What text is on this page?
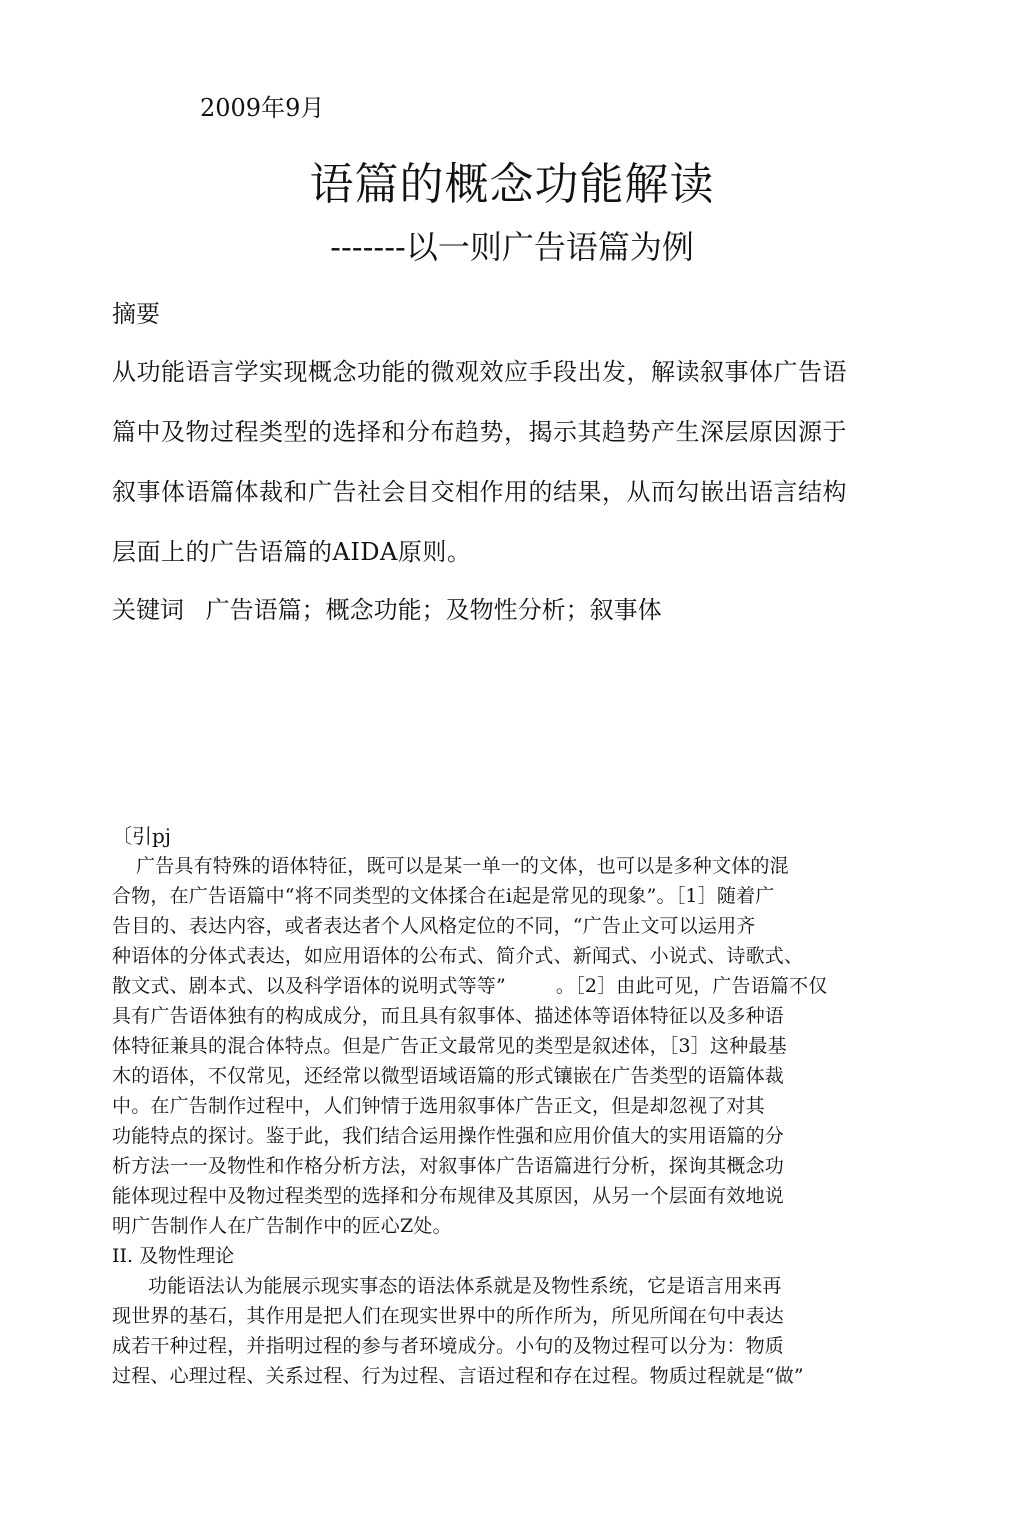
2009年9月
语篇的概念功能解读
-------以一则广告语篇为例
摘要
从功能语言学实现概念功能的微观效应手段出发，解读叙事体广告语
篇中及物过程类型的选择和分布趋势，揭示其趋势产生深层原因源于
叙事体语篇体裁和广告社会目交相作用的结果，从而勾嵌出语言结构
层面上的广告语篇的AIDA原则。
关键词 广告语篇；概念功能；及物性分析；叙事体
〔引pj
广告具有特殊的语体特征，既可以是某一单一的文体，也可以是多种文体的混
合物，在广告语篇中“将不同类型的文体揉合在i起是常见的现象”。［1］随着广
告目的、表达内容，或者表达者个人风格定位的不同，“广告止文可以运用齐
种语体的分体式表达，如应用语体的公布式、简介式、新闻式、小说式、诗歌式、
散文式、剧本式、以及科学语体的说明式等等”	。［2］由此可见，广告语篇不仅
具有广告语体独有的构成成分，而且具有叙事体、描述体等语体特征以及多种语
体特征兼具的混合体特点。但是广告正文最常见的类型是叙述体，［3］这种最基
木的语体，不仅常见，还经常以微型语域语篇的形式镶嵌在广告类型的语篇体裁
中。在广告制作过程中，人们钟情于选用叙事体广告正文，但是却忽视了对其
功能特点的探讨。鉴于此，我们结合运用操作性强和应用价值大的实用语篇的分
析方法一一及物性和作格分析方法，对叙事体广告语篇进行分析，探询其概念功
能体现过程中及物过程类型的选择和分布规律及其原因，从另一个层面有效地说
明广告制作人在广告制作中的匠心Z处。
II. 及物性理论
功能语法认为能展示现实事态的语法体系就是及物性系统，它是语言用来再
现世界的基石，其作用是把人们在现实世界中的所作所为，所见所闻在句中表达
成若干种过程，并指明过程的参与者环境成分。小句的及物过程可以分为：物质
过程、心理过程、关系过程、行为过程、言语过程和存在过程。物质过程就是“做”
